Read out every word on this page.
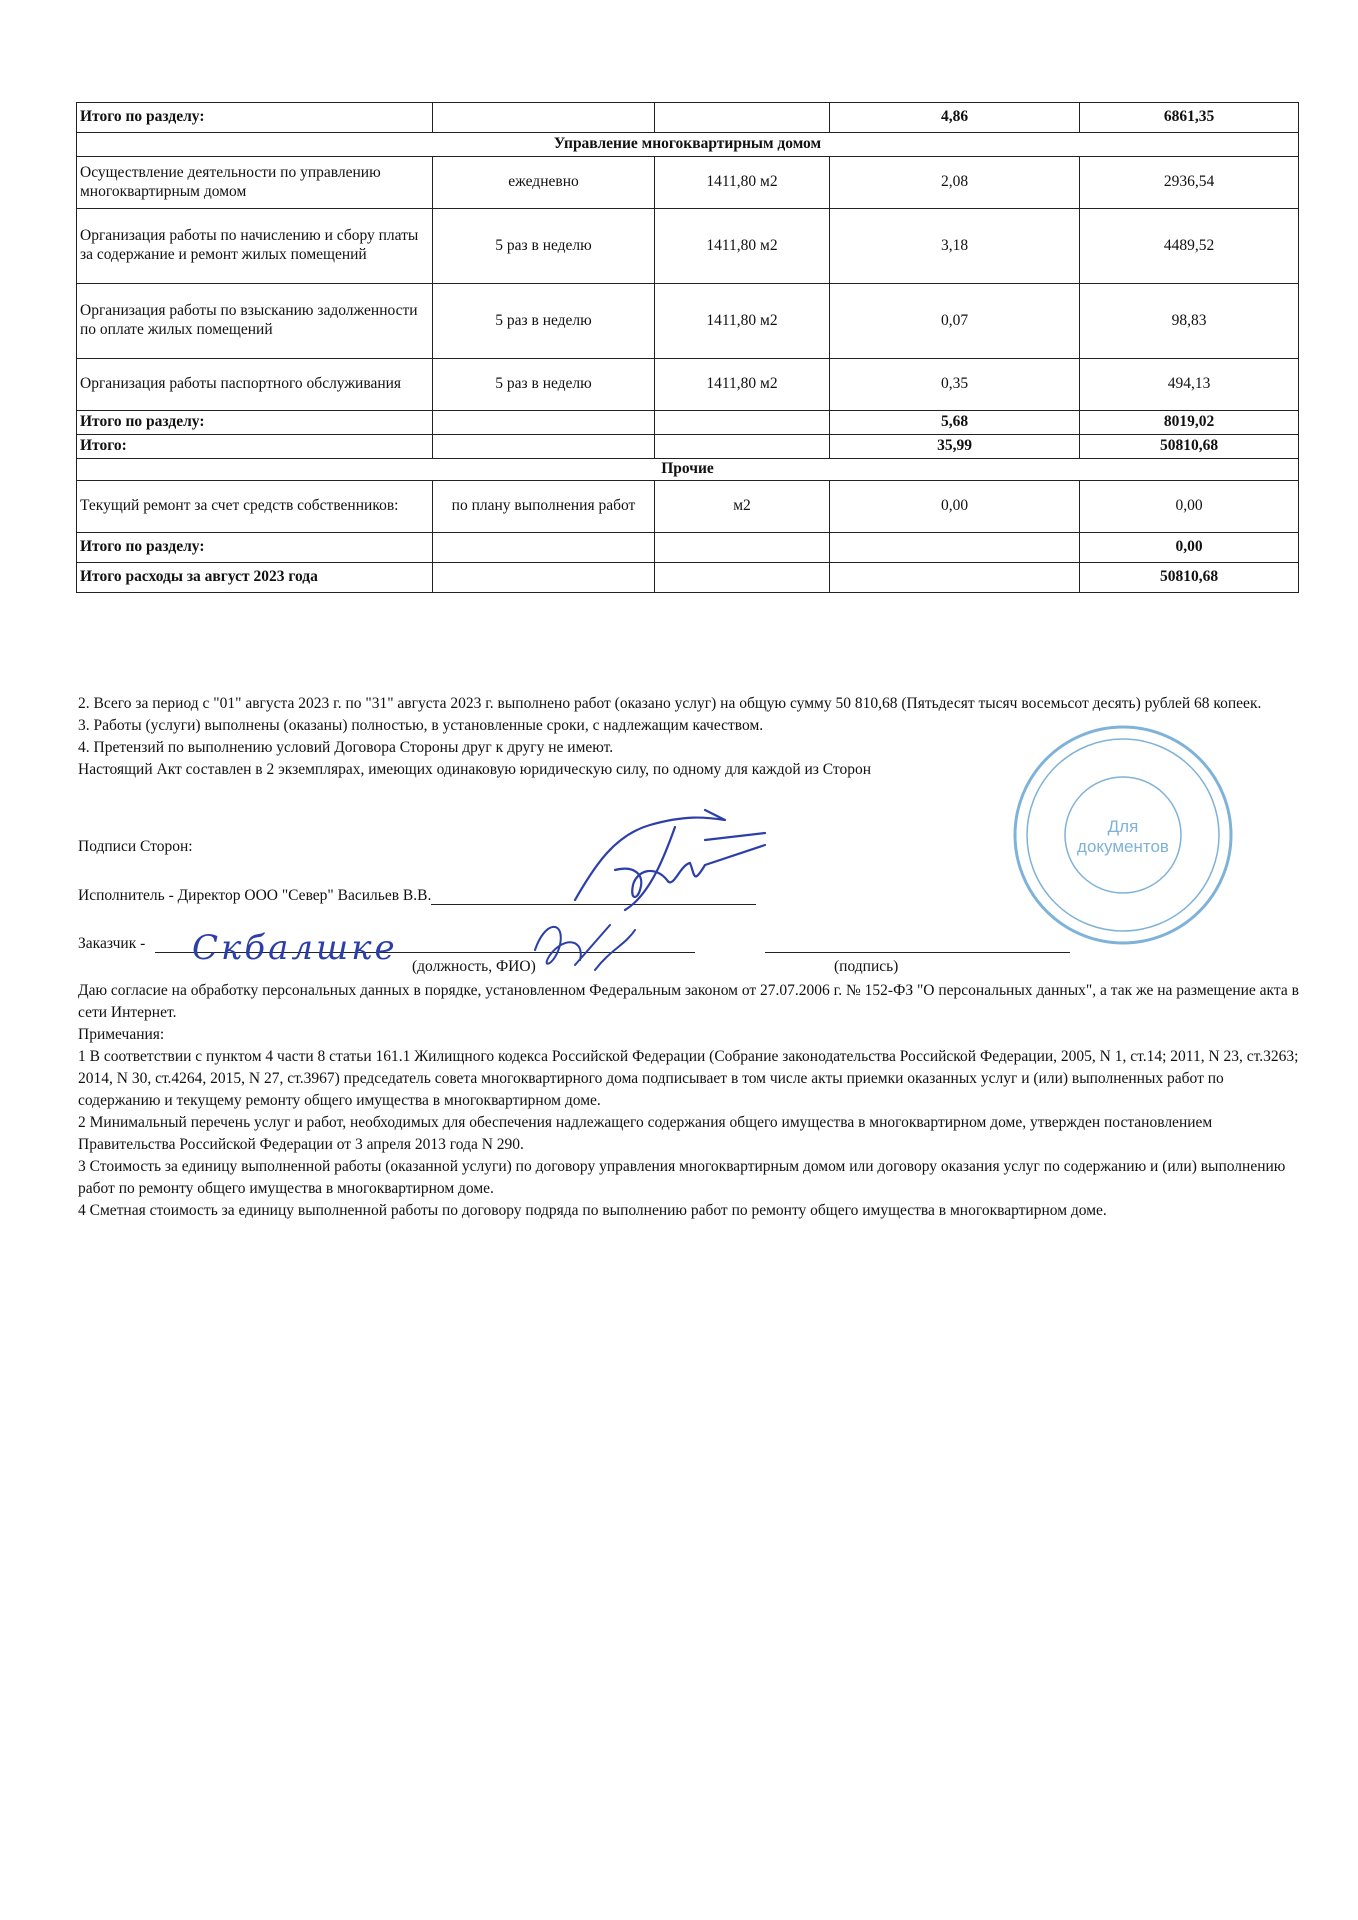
Итого по разделу:			4,86	6861,35
Управление многоквартирным домом				
Осуществление деятельности по управлению многоквартирным домом	ежедневно	1411,80 м2	2,08	2936,54
Организация работы по начислению и сбору платы за содержание и ремонт жилых помещений	5 раз в неделю	1411,80 м2	3,18	4489,52
Организация работы по взысканию задолженности по оплате жилых помещений	5 раз в неделю	1411,80 м2	0,07	98,83
Организация работы паспортного обслуживания	5 раз в неделю	1411,80 м2	0,35	494,13
Итого по разделу:			5,68	8019,02
Итого:			35,99	50810,68
Прочие				
Текущий ремонт за счет средств собственников:	по плану выполнения работ	м2	0,00	0,00
Итого по разделу:				0,00
Итого расходы за август 2023 года				50810,68

2. Всего за период с "01" августа 2023 г. по "31" августа 2023 г. выполнено работ (оказано услуг) на общую сумму 50 810,68 (Пятьдесят тысяч восемьсот десять) рублей 68 копеек.

3. Работы (услуги) выполнены (оказаны) полностью, в установленные сроки, с надлежащим качеством.

4. Претензий по выполнению условий Договора Стороны друг к другу не имеют.

Настоящий Акт составлен в 2 экземплярах, имеющих одинаковую юридическую силу, по одному для каждой из Сторон

Подписи Сторон:
Исполнитель - Директор ООО "Север" Васильев В.В.
Заказчик -
(должность, ФИО)	(подпись)
Скбалшке
Для
документов

Даю согласие на обработку персональных данных в порядке, установленном Федеральным законом от 27.07.2006 г. № 152-ФЗ "О персональных данных", а так же на размещение акта в сети Интернет.

Примечания:

1 В соответствии с пунктом 4 части 8 статьи 161.1 Жилищного кодекса Российской Федерации (Собрание законодательства Российской Федерации, 2005, N 1, ст.14; 2011, N 23, ст.3263; 2014, N 30, ст.4264, 2015, N 27, ст.3967) председатель совета многоквартирного дома подписывает в том числе акты приемки оказанных услуг и (или) выполненных работ по содержанию и текущему ремонту общего имущества в многоквартирном доме.

2 Минимальный перечень услуг и работ, необходимых для обеспечения надлежащего содержания общего имущества в многоквартирном доме, утвержден постановлением Правительства Российской Федерации от 3 апреля 2013 года N 290.

3 Стоимость за единицу выполненной работы (оказанной услуги) по договору управления многоквартирным домом или договору оказания услуг по содержанию и (или) выполнению работ по ремонту общего имущества в многоквартирном доме.

4 Сметная стоимость за единицу выполненной работы по договору подряда по выполнению работ по ремонту общего имущества в многоквартирном доме.
